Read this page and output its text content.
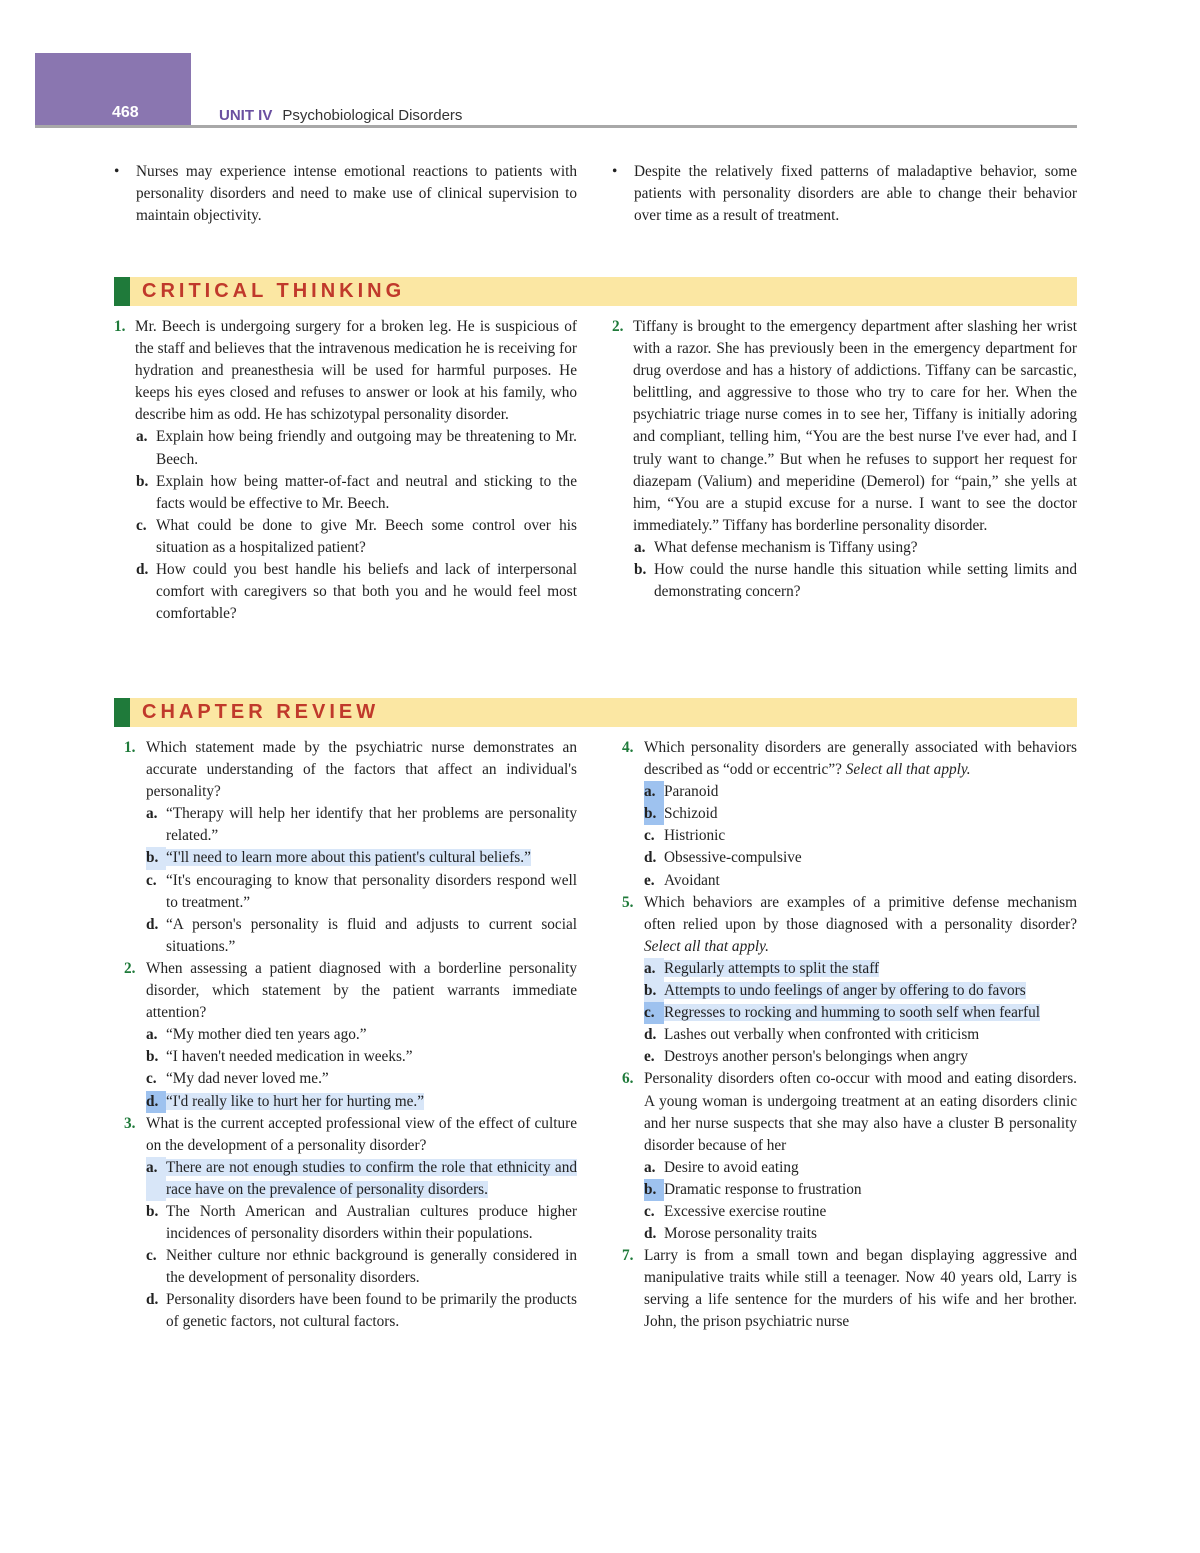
468	UNIT IV Psychobiological Disorders
•	Nurses may experience intense emotional reactions to patients with personality disorders and need to make use of clinical supervision to maintain objectivity.
•	Despite the relatively fixed patterns of maladaptive behavior, some patients with personality disorders are able to change their behavior over time as a result of treatment.
CRITICAL THINKING
1. Mr. Beech is undergoing surgery for a broken leg. He is suspicious of the staff and believes that the intravenous medication he is receiving for hydration and preanesthesia will be used for harmful purposes. He keeps his eyes closed and refuses to answer or look at his family, who describe him as odd. He has schizotypal personality disorder.
a. Explain how being friendly and outgoing may be threatening to Mr. Beech.
b. Explain how being matter-of-fact and neutral and sticking to the facts would be effective to Mr. Beech.
c. What could be done to give Mr. Beech some control over his situation as a hospitalized patient?
d. How could you best handle his beliefs and lack of interpersonal comfort with caregivers so that both you and he would feel most comfortable?
2. Tiffany is brought to the emergency department after slashing her wrist with a razor. She has previously been in the emergency department for drug overdose and has a history of addictions. Tiffany can be sarcastic, belittling, and aggressive to those who try to care for her. When the psychiatric triage nurse comes in to see her, Tiffany is initially adoring and compliant, telling him, “You are the best nurse I've ever had, and I truly want to change.” But when he refuses to support her request for diazepam (Valium) and meperidine (Demerol) for “pain,” she yells at him, “You are a stupid excuse for a nurse. I want to see the doctor immediately.” Tiffany has borderline personality disorder.
a. What defense mechanism is Tiffany using?
b. How could the nurse handle this situation while setting limits and demonstrating concern?
CHAPTER REVIEW
1. Which statement made by the psychiatric nurse demonstrates an accurate understanding of the factors that affect an individual's personality?
a. “Therapy will help her identify that her problems are personality related.”
b. “I'll need to learn more about this patient's cultural beliefs.”
c. “It's encouraging to know that personality disorders respond well to treatment.”
d. “A person's personality is fluid and adjusts to current social situations.”
2. When assessing a patient diagnosed with a borderline personality disorder, which statement by the patient warrants immediate attention?
a. “My mother died ten years ago.”
b. “I haven't needed medication in weeks.”
c. “My dad never loved me.”
d. “I'd really like to hurt her for hurting me.”
3. What is the current accepted professional view of the effect of culture on the development of a personality disorder?
a. There are not enough studies to confirm the role that ethnicity and race have on the prevalence of personality disorders.
b. The North American and Australian cultures produce higher incidences of personality disorders within their populations.
c. Neither culture nor ethnic background is generally considered in the development of personality disorders.
d. Personality disorders have been found to be primarily the products of genetic factors, not cultural factors.
4. Which personality disorders are generally associated with behaviors described as “odd or eccentric”? Select all that apply.
a. Paranoid
b. Schizoid
c. Histrionic
d. Obsessive-compulsive
e. Avoidant
5. Which behaviors are examples of a primitive defense mechanism often relied upon by those diagnosed with a personality disorder? Select all that apply.
a. Regularly attempts to split the staff
b. Attempts to undo feelings of anger by offering to do favors
c. Regresses to rocking and humming to sooth self when fearful
d. Lashes out verbally when confronted with criticism
e. Destroys another person's belongings when angry
6. Personality disorders often co-occur with mood and eating disorders. A young woman is undergoing treatment at an eating disorders clinic and her nurse suspects that she may also have a cluster B personality disorder because of her
a. Desire to avoid eating
b. Dramatic response to frustration
c. Excessive exercise routine
d. Morose personality traits
7. Larry is from a small town and began displaying aggressive and manipulative traits while still a teenager. Now 40 years old, Larry is serving a life sentence for the murders of his wife and her brother. John, the prison psychiatric nurse
